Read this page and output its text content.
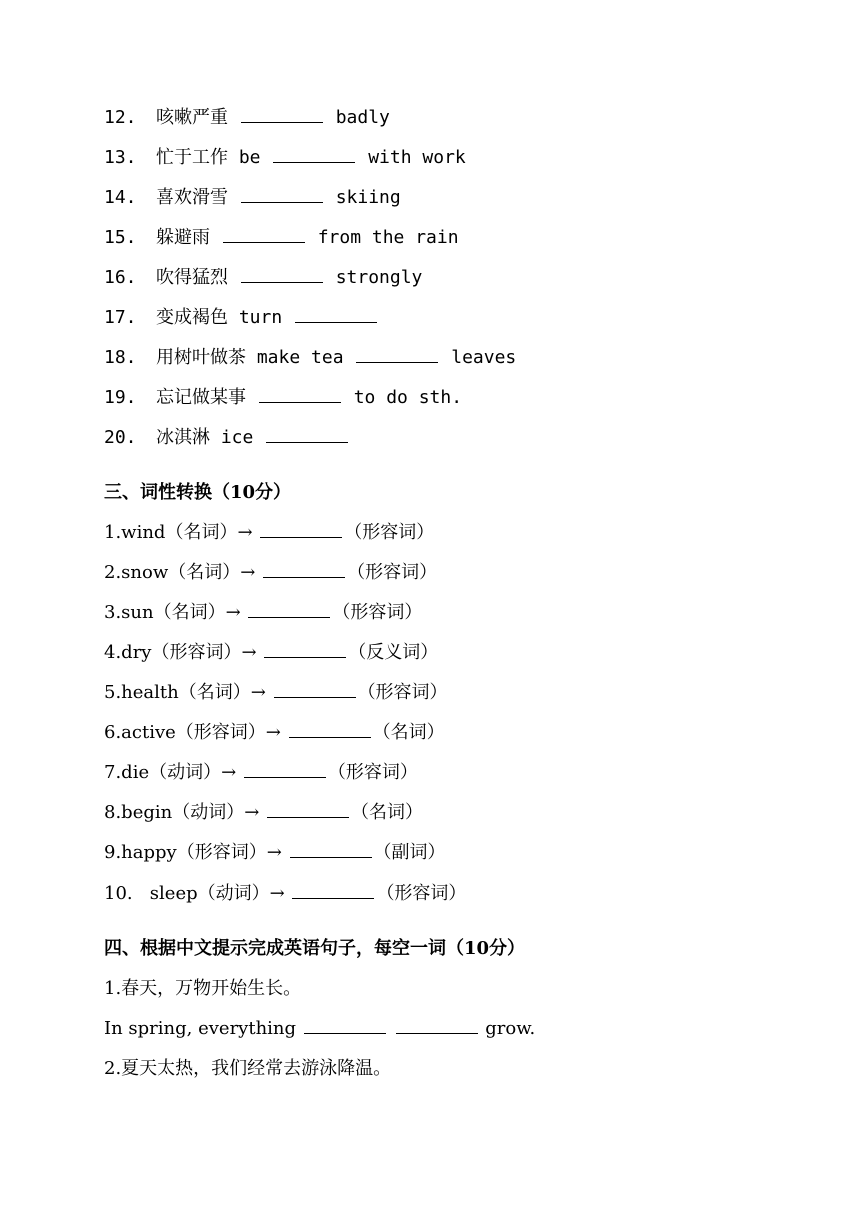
12. 咳嗽严重	badly
13. 忙于工作 be	with work
14. 喜欢滑雪	skiing
15. 躲避雨	from the rain
16. 吹得猛烈	strongly
17. 变成褐色 turn
18. 用树叶做茶 make tea	leaves
19. 忘记做某事	to do sth.
20. 冰淇淋 ice
三、词性转换（10分）
1.wind（名词）→	（形容词）
2.snow（名词）→	（形容词）
3.sun（名词）→	（形容词）
4.dry（形容词）→	（反义词）
5.health（名词）→	（形容词）
6.active（形容词）→	（名词）
7.die（动词）→	（形容词）
8.begin（动词）→	（名词）
9.happy（形容词）→	（副词）
10.   sleep（动词）→	（形容词）
四、根据中文提示完成英语句子，每空一词（10分）
1.春天，万物开始生长。
In spring, everything	grow.
2.夏天太热，我们经常去游泳降温。
